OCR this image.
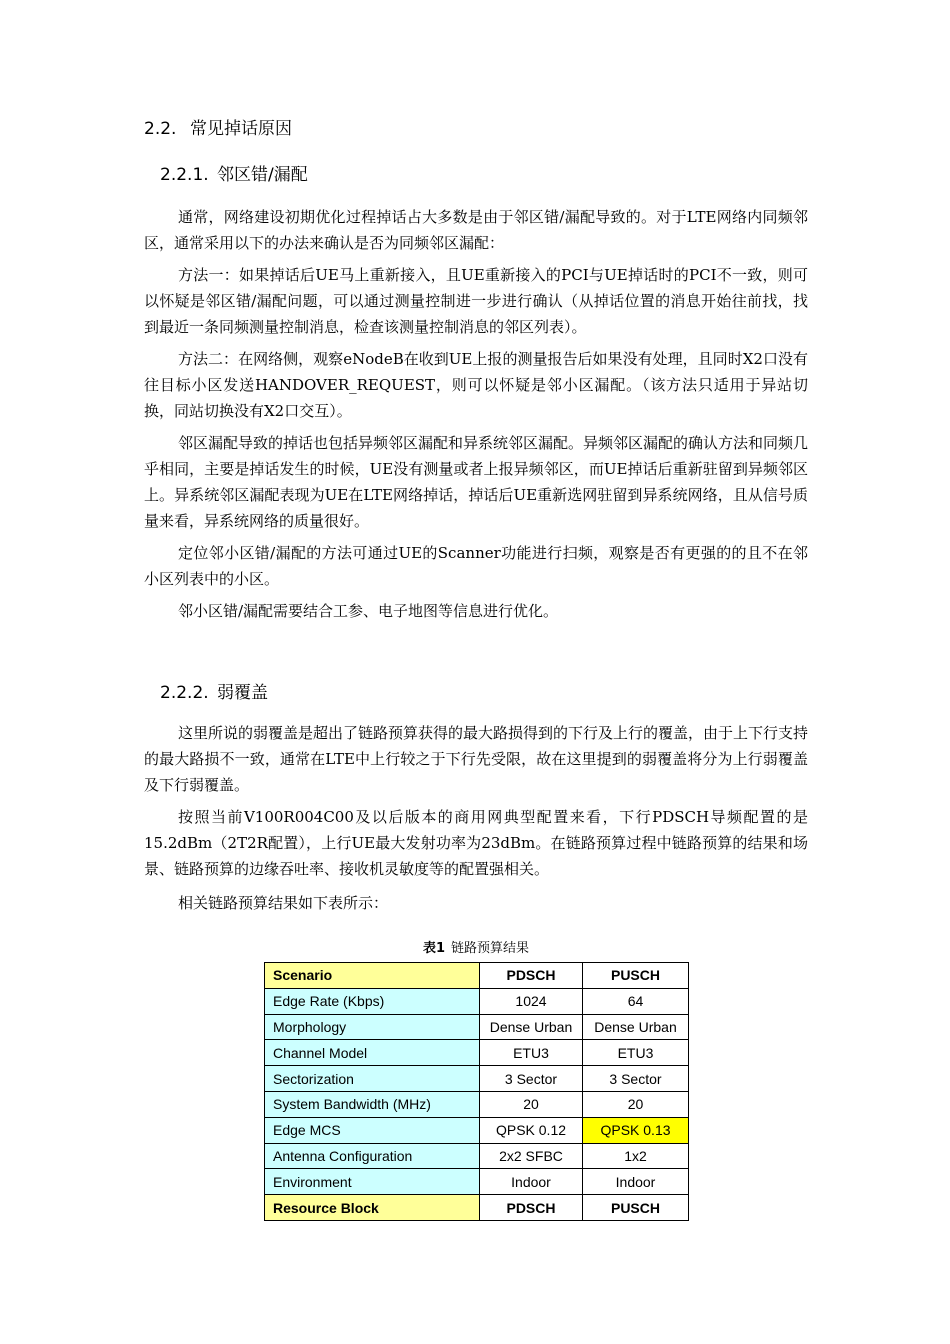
2.2. 常见掉话原因
2.2.1. 邻区错/漏配

通常，网络建设初期优化过程掉话占大多数是由于邻区错/漏配导致的。对于LTE网络内同频邻区，通常采用以下的办法来确认是否为同频邻区漏配：

方法一：如果掉话后UE马上重新接入，且UE重新接入的PCI与UE掉话时的PCI不一致，则可以怀疑是邻区错/漏配问题，可以通过测量控制进一步进行确认（从掉话位置的消息开始往前找，找到最近一条同频测量控制消息，检查该测量控制消息的邻区列表）。

方法二：在网络侧，观察eNodeB在收到UE上报的测量报告后如果没有处理，且同时X2口没有往目标小区发送HANDOVER_REQUEST，则可以怀疑是邻小区漏配。（该方法只适用于异站切换，同站切换没有X2口交互）。

邻区漏配导致的掉话也包括异频邻区漏配和异系统邻区漏配。异频邻区漏配的确认方法和同频几乎相同，主要是掉话发生的时候，UE没有测量或者上报异频邻区，而UE掉话后重新驻留到异频邻区上。异系统邻区漏配表现为UE在LTE网络掉话，掉话后UE重新选网驻留到异系统网络，且从信号质量来看，异系统网络的质量很好。

定位邻小区错/漏配的方法可通过UE的Scanner功能进行扫频，观察是否有更强的的且不在邻小区列表中的小区。

邻小区错/漏配需要结合工参、电子地图等信息进行优化。

2.2.2. 弱覆盖

这里所说的弱覆盖是超出了链路预算获得的最大路损得到的下行及上行的覆盖，由于上下行支持的最大路损不一致，通常在LTE中上行较之于下行先受限，故在这里提到的弱覆盖将分为上行弱覆盖及下行弱覆盖。

按照当前V100R004C00及以后版本的商用网典型配置来看，下行PDSCH导频配置的是15.2dBm（2T2R配置），上行UE最大发射功率为23dBm。在链路预算过程中链路预算的结果和场景、链路预算的边缘吞吐率、接收机灵敏度等的配置强相关。

相关链路预算结果如下表所示：

表1 链路预算结果
Scenario	PDSCH	PUSCH
Edge Rate (Kbps)	1024	64
Morphology	Dense Urban	Dense Urban
Channel Model	ETU3	ETU3
Sectorization	3 Sector	3 Sector
System Bandwidth (MHz)	20	20
Edge MCS	QPSK 0.12	QPSK 0.13
Antenna Configuration	2x2 SFBC	1x2
Environment	Indoor	Indoor
Resource Block	PDSCH	PUSCH
